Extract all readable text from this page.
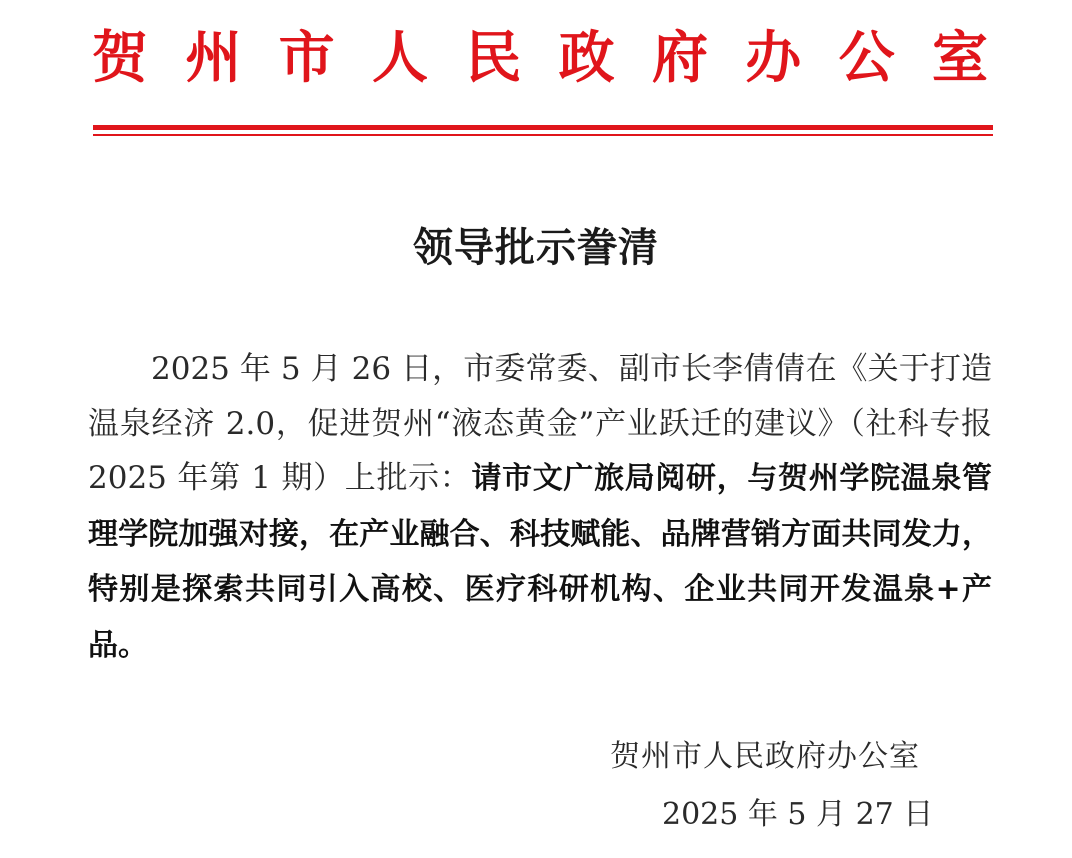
贺 州 市 人 民 政 府 办 公 室
领导批示誊清

2025 年 5 月 26 日，市委常委、副市长李倩倩在《关于打造温泉经济 2.0，促进贺州“液态黄金”产业跃迁的建议》（社科专报 2025 年第 1 期）上批示：请市文广旅局阅研，与贺州学院温泉管理学院加强对接，在产业融合、科技赋能、品牌营销方面共同发力，特别是探索共同引入高校、医疗科研机构、企业共同开发温泉+产品。

贺州市人民政府办公室
2025 年 5 月 27 日
